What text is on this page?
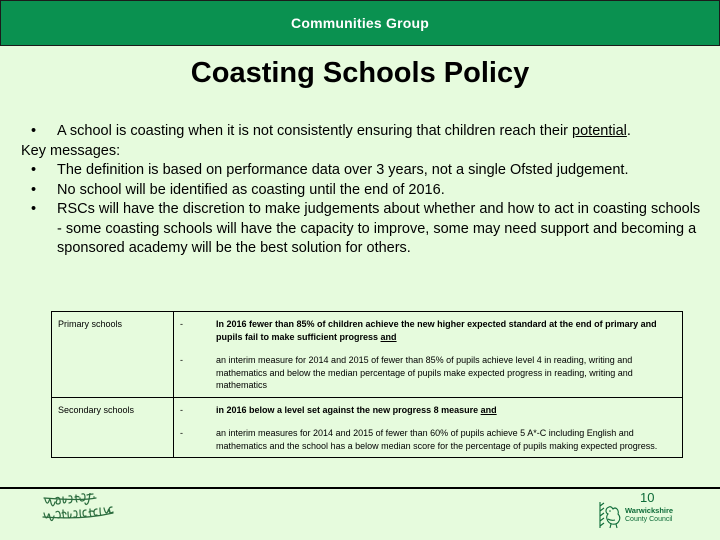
Communities Group
Coasting Schools Policy
•	A school is coasting when it is not consistently ensuring that children reach their potential.
Key messages:
•	The definition is based on performance data over 3 years, not a single Ofsted judgement.
•	No school will be identified as coasting until the end of 2016.
•	RSCs will have the discretion to make judgements about whether and how to act in coasting schools - some coasting schools will have the capacity to improve, some may need support and becoming a sponsored academy will be the best solution for others.
Primary schools	- In 2016 fewer than 85% of children achieve the new higher expected standard at the end of primary and pupils fail to make sufficient progress and
- an interim measure for 2014 and 2015 of fewer than 85% of pupils achieve level 4 in reading, writing and mathematics and below the median percentage of pupils make expected progress in reading, writing and mathematics

Secondary schools	- in 2016 below a level set against the new progress 8 measure and
- an interim measures for 2014 and 2015 of fewer than 60% of pupils achieve 5 A*-C including English and mathematics and the school has a below median score for the percentage of pupils making expected progress.
10
Warwickshire
County Council
